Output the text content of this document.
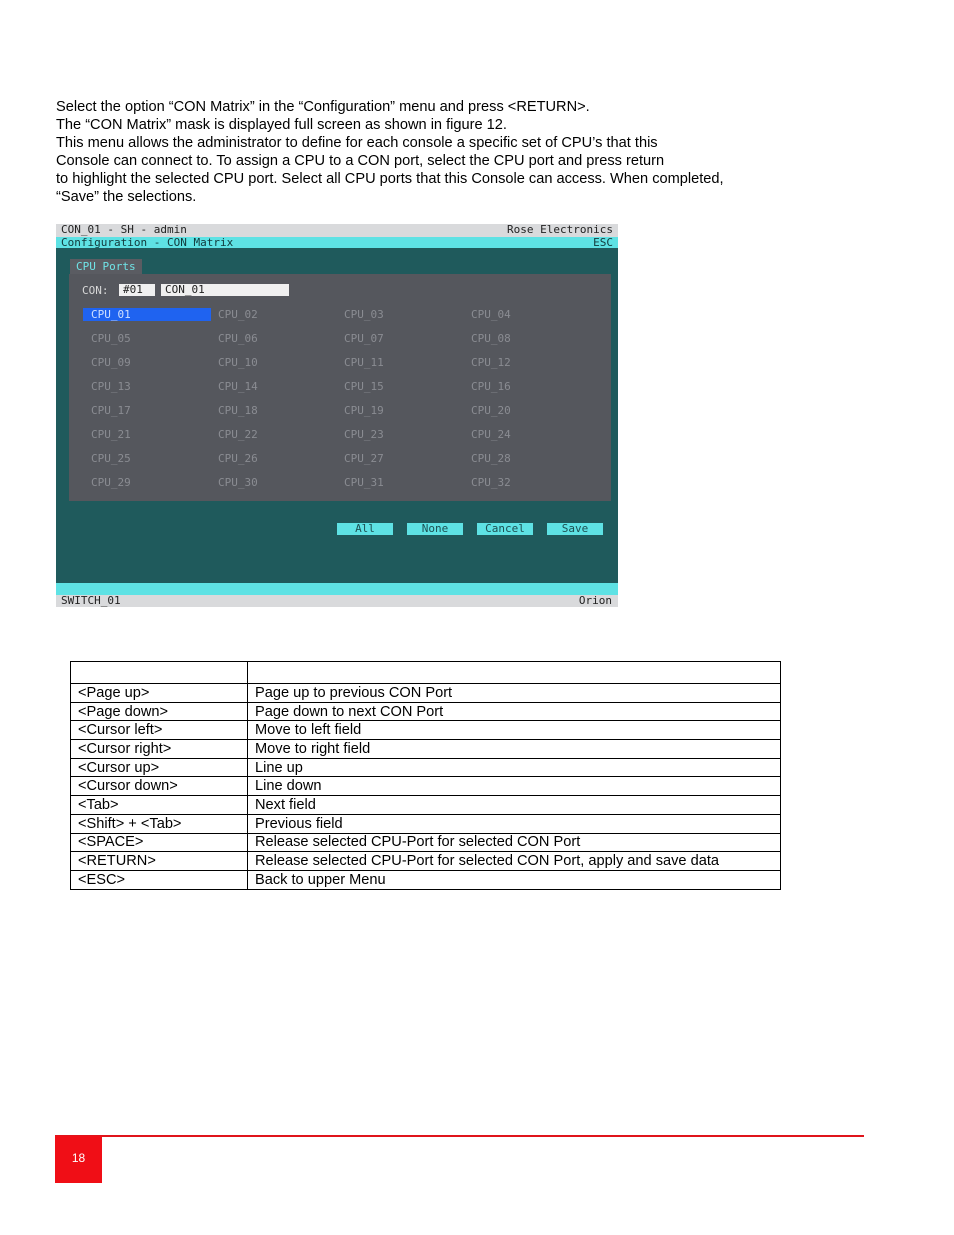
Select the option “CON Matrix” in the “Configuration” menu and press <RETURN>.

The “CON Matrix” mask is displayed full screen as shown in figure 12.

This menu allows the administrator to define for each console a specific set of CPU’s that this

Console can connect to. To assign a CPU to a CON port, select the CPU port and press return

to highlight the selected CPU port. Select all CPU ports that this Console can access. When completed,

“Save” the selections.

CON_01 - SH - admin	Rose Electronics
Configuration - CON Matrix	ESC
CPU Ports
CON:	#01	CON_01
CPU_01	CPU_02	CPU_03	CPU_04
CPU_05	CPU_06	CPU_07	CPU_08
CPU_09	CPU_10	CPU_11	CPU_12
CPU_13	CPU_14	CPU_15	CPU_16
CPU_17	CPU_18	CPU_19	CPU_20
CPU_21	CPU_22	CPU_23	CPU_24
CPU_25	CPU_26	CPU_27	CPU_28
CPU_29	CPU_30	CPU_31	CPU_32
All	None	Cancel	Save
SWITCH_01	Orion

<Page up>	Page up to previous CON Port
<Page down>	Page down to next CON Port
<Cursor left>	Move to left field
<Cursor right>	Move to right field
<Cursor up>	Line up
<Cursor down>	Line down
<Tab>	Next field
<Shift> + <Tab>	Previous field
<SPACE>	Release selected CPU-Port for selected CON Port
<RETURN>	Release selected CPU-Port for selected CON Port, apply and save data
<ESC>	Back to upper Menu
18
